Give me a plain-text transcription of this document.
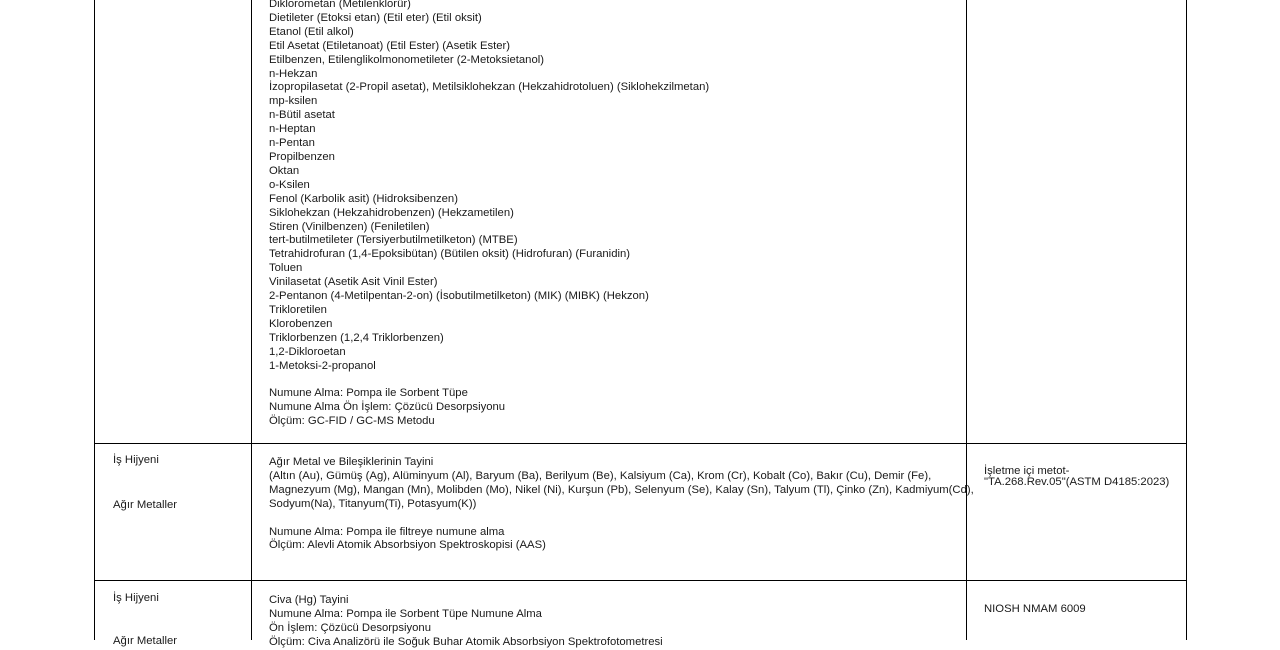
Diklorometan (Metilenklorür)
Dietileter (Etoksi etan) (Etil eter) (Etil oksit)
Etanol (Etil alkol)
Etil Asetat (Etiletanoat) (Etil Ester) (Asetik Ester)
Etilbenzen, Etilenglikolmonometileter (2-Metoksietanol)
n-Hekzan
İzopropilasetat (2-Propil asetat), Metilsiklohekzan (Hekzahidrotoluen) (Siklohekzilmetan)
mp-ksilen
n-Bütil asetat
n-Heptan
n-Pentan
Propilbenzen
Oktan
o-Ksilen
Fenol (Karbolik asit) (Hidroksibenzen)
Siklohekzan (Hekzahidrobenzen) (Hekzametilen)
Stiren (Vinilbenzen) (Feniletilen)
tert-butilmetileter (Tersiyerbutilmetilketon) (MTBE)
Tetrahidrofuran (1,4-Epoksibütan) (Bütilen oksit) (Hidrofuran) (Furanidin)
Toluen
Vinilasetat (Asetik Asit Vinil Ester)
2-Pentanon (4-Metilpentan-2-on) (İsobutilmetilketon) (MIK) (MIBK) (Hekzon)
Trikloretilen
Klorobenzen
Triklorbenzen (1,2,4 Triklorbenzen)
1,2-Dikloroetan
1-Metoksi-2-propanol
Numune Alma: Pompa ile Sorbent Tüpe
Numune Alma Ön İşlem: Çözücü Desorpsiyonu
Ölçüm: GC-FID / GC-MS Metodu
İş Hijyeni
Ağır Metaller
Ağır Metal ve Bileşiklerinin Tayini
(Altın (Au), Gümüş (Ag), Alüminyum (Al), Baryum (Ba), Berilyum (Be), Kalsiyum (Ca), Krom (Cr), Kobalt (Co), Bakır (Cu), Demir (Fe),
Magnezyum (Mg), Mangan (Mn), Molibden (Mo), Nikel (Ni), Kurşun (Pb), Selenyum (Se), Kalay (Sn), Talyum (Tl), Çinko (Zn), Kadmiyum(Cd),
Sodyum(Na), Titanyum(Ti), Potasyum(K))
Numune Alma: Pompa ile filtreye numune alma
Ölçüm: Alevli Atomik Absorbsiyon Spektroskopisi (AAS)
İşletme içi metot-
"TA.268.Rev.05"(ASTM D4185:2023)
İş Hijyeni
Ağır Metaller
Civa (Hg) Tayini
Numune Alma: Pompa ile Sorbent Tüpe Numune Alma
Ön İşlem: Çözücü Desorpsiyonu
Ölçüm: Civa Analizörü ile Soğuk Buhar Atomik Absorbsiyon Spektrofotometresi
NIOSH NMAM 6009
